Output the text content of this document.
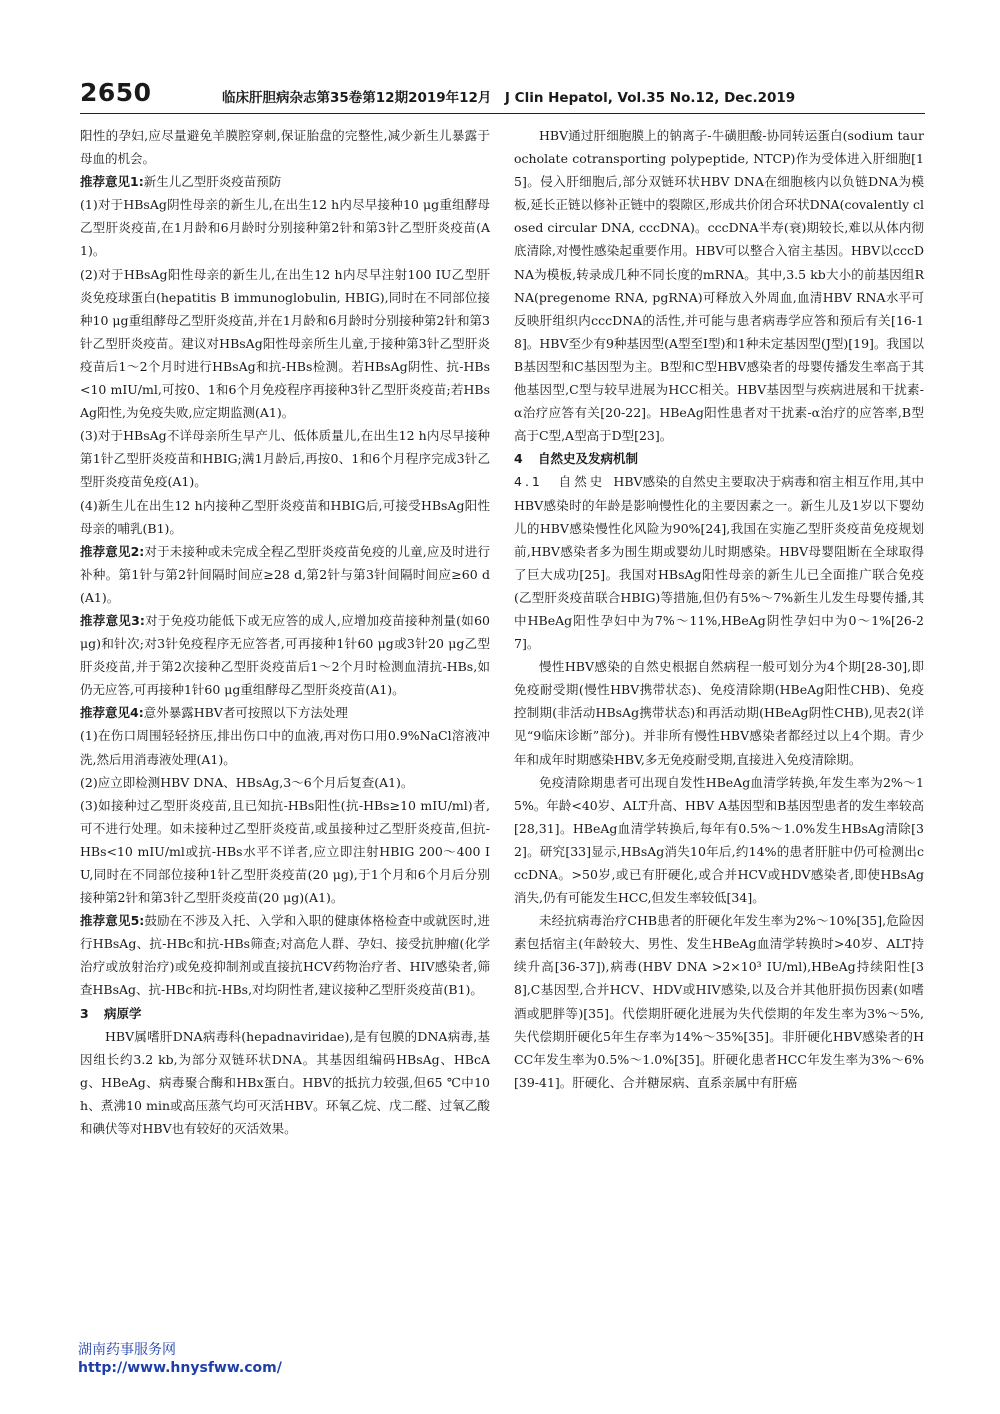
2650	临床肝胆病杂志第35卷第12期2019年12月　J Clin Hepatol, Vol.35 No.12, Dec.2019

阳性的孕妇,应尽量避免羊膜腔穿刺,保证胎盘的完整性,减少新生儿暴露于母血的机会。

推荐意见1:新生儿乙型肝炎疫苗预防

(1)对于HBsAg阴性母亲的新生儿,在出生12 h内尽早接种10 μg重组酵母乙型肝炎疫苗,在1月龄和6月龄时分别接种第2针和第3针乙型肝炎疫苗(A1)。

(2)对于HBsAg阳性母亲的新生儿,在出生12 h内尽早注射100 IU乙型肝炎免疫球蛋白(hepatitis B immunoglobulin, HBIG),同时在不同部位接种10 μg重组酵母乙型肝炎疫苗,并在1月龄和6月龄时分别接种第2针和第3针乙型肝炎疫苗。建议对HBsAg阳性母亲所生儿童,于接种第3针乙型肝炎疫苗后1～2个月时进行HBsAg和抗-HBs检测。若HBsAg阴性、抗-HBs<10 mIU/ml,可按0、1和6个月免疫程序再接种3针乙型肝炎疫苗;若HBsAg阳性,为免疫失败,应定期监测(A1)。

(3)对于HBsAg不详母亲所生早产儿、低体质量儿,在出生12 h内尽早接种第1针乙型肝炎疫苗和HBIG;满1月龄后,再按0、1和6个月程序完成3针乙型肝炎疫苗免疫(A1)。

(4)新生儿在出生12 h内接种乙型肝炎疫苗和HBIG后,可接受HBsAg阳性母亲的哺乳(B1)。

推荐意见2:对于未接种或未完成全程乙型肝炎疫苗免疫的儿童,应及时进行补种。第1针与第2针间隔时间应≥28 d,第2针与第3针间隔时间应≥60 d(A1)。

推荐意见3:对于免疫功能低下或无应答的成人,应增加疫苗接种剂量(如60 μg)和针次;对3针免疫程序无应答者,可再接种1针60 μg或3针20 μg乙型肝炎疫苗,并于第2次接种乙型肝炎疫苗后1～2个月时检测血清抗-HBs,如仍无应答,可再接种1针60 μg重组酵母乙型肝炎疫苗(A1)。

推荐意见4:意外暴露HBV者可按照以下方法处理

(1)在伤口周围轻轻挤压,排出伤口中的血液,再对伤口用0.9%NaCl溶液冲洗,然后用消毒液处理(A1)。

(2)应立即检测HBV DNA、HBsAg,3～6个月后复查(A1)。

(3)如接种过乙型肝炎疫苗,且已知抗-HBs阳性(抗-HBs≥10 mIU/ml)者,可不进行处理。如未接种过乙型肝炎疫苗,或虽接种过乙型肝炎疫苗,但抗-HBs<10 mIU/ml或抗-HBs水平不详者,应立即注射HBIG 200～400 IU,同时在不同部位接种1针乙型肝炎疫苗(20 μg),于1个月和6个月后分别接种第2针和第3针乙型肝炎疫苗(20 μg)(A1)。

推荐意见5:鼓励在不涉及入托、入学和入职的健康体格检查中或就医时,进行HBsAg、抗-HBc和抗-HBs筛查;对高危人群、孕妇、接受抗肿瘤(化学治疗或放射治疗)或免疫抑制剂或直接抗HCV药物治疗者、HIV感染者,筛查HBsAg、抗-HBc和抗-HBs,对均阴性者,建议接种乙型肝炎疫苗(B1)。

3 病原学

HBV属嗜肝DNA病毒科(hepadnaviridae),是有包膜的DNA病毒,基因组长约3.2 kb,为部分双链环状DNA。其基因组编码HBsAg、HBcAg、HBeAg、病毒聚合酶和HBx蛋白。HBV的抵抗力较强,但65 ℃中10 h、煮沸10 min或高压蒸气均可灭活HBV。环氧乙烷、戊二醛、过氧乙酸和碘伏等对HBV也有较好的灭活效果。

HBV通过肝细胞膜上的钠离子-牛磺胆酸-协同转运蛋白(sodium taurocholate cotransporting polypeptide, NTCP)作为受体进入肝细胞[15]。侵入肝细胞后,部分双链环状HBV DNA在细胞核内以负链DNA为模板,延长正链以修补正链中的裂隙区,形成共价闭合环状DNA(covalently closed circular DNA, cccDNA)。cccDNA半寿(衰)期较长,难以从体内彻底清除,对慢性感染起重要作用。HBV可以整合入宿主基因。HBV以cccDNA为模板,转录成几种不同长度的mRNA。其中,3.5 kb大小的前基因组RNA(pregenome RNA, pgRNA)可释放入外周血,血清HBV RNA水平可反映肝组织内cccDNA的活性,并可能与患者病毒学应答和预后有关[16-18]。HBV至少有9种基因型(A型至I型)和1种未定基因型(J型)[19]。我国以B基因型和C基因型为主。B型和C型HBV感染者的母婴传播发生率高于其他基因型,C型与较早进展为HCC相关。HBV基因型与疾病进展和干扰素-α治疗应答有关[20-22]。HBeAg阳性患者对干扰素-α治疗的应答率,B型高于C型,A型高于D型[23]。

4 自然史及发病机制

4.1　自然史 HBV感染的自然史主要取决于病毒和宿主相互作用,其中HBV感染时的年龄是影响慢性化的主要因素之一。新生儿及1岁以下婴幼儿的HBV感染慢性化风险为90%[24],我国在实施乙型肝炎疫苗免疫规划前,HBV感染者多为围生期或婴幼儿时期感染。HBV母婴阻断在全球取得了巨大成功[25]。我国对HBsAg阳性母亲的新生儿已全面推广联合免疫(乙型肝炎疫苗联合HBIG)等措施,但仍有5%～7%新生儿发生母婴传播,其中HBeAg阳性孕妇中为7%～11%,HBeAg阴性孕妇中为0～1%[26-27]。

慢性HBV感染的自然史根据自然病程一般可划分为4个期[28-30],即免疫耐受期(慢性HBV携带状态)、免疫清除期(HBeAg阳性CHB)、免疫控制期(非活动HBsAg携带状态)和再活动期(HBeAg阴性CHB),见表2(详见“9临床诊断”部分)。并非所有慢性HBV感染者都经过以上4个期。青少年和成年时期感染HBV,多无免疫耐受期,直接进入免疫清除期。

免疫清除期患者可出现自发性HBeAg血清学转换,年发生率为2%～15%。年龄<40岁、ALT升高、HBV A基因型和B基因型患者的发生率较高[28,31]。HBeAg血清学转换后,每年有0.5%～1.0%发生HBsAg清除[32]。研究[33]显示,HBsAg消失10年后,约14%的患者肝脏中仍可检测出cccDNA。>50岁,或已有肝硬化,或合并HCV或HDV感染者,即使HBsAg消失,仍有可能发生HCC,但发生率较低[34]。

未经抗病毒治疗CHB患者的肝硬化年发生率为2%～10%[35],危险因素包括宿主(年龄较大、男性、发生HBeAg血清学转换时>40岁、ALT持续升高[36-37]),病毒(HBV DNA >2×10³ IU/ml),HBeAg持续阳性[38],C基因型,合并HCV、HDV或HIV感染,以及合并其他肝损伤因素(如嗜酒或肥胖等)[35]。代偿期肝硬化进展为失代偿期的年发生率为3%～5%,失代偿期肝硬化5年生存率为14%～35%[35]。非肝硬化HBV感染者的HCC年发生率为0.5%～1.0%[35]。肝硬化患者HCC年发生率为3%～6%[39-41]。肝硬化、合并糖尿病、直系亲属中有肝癌

湖南药事服务网
http://www.hnysfww.com/
